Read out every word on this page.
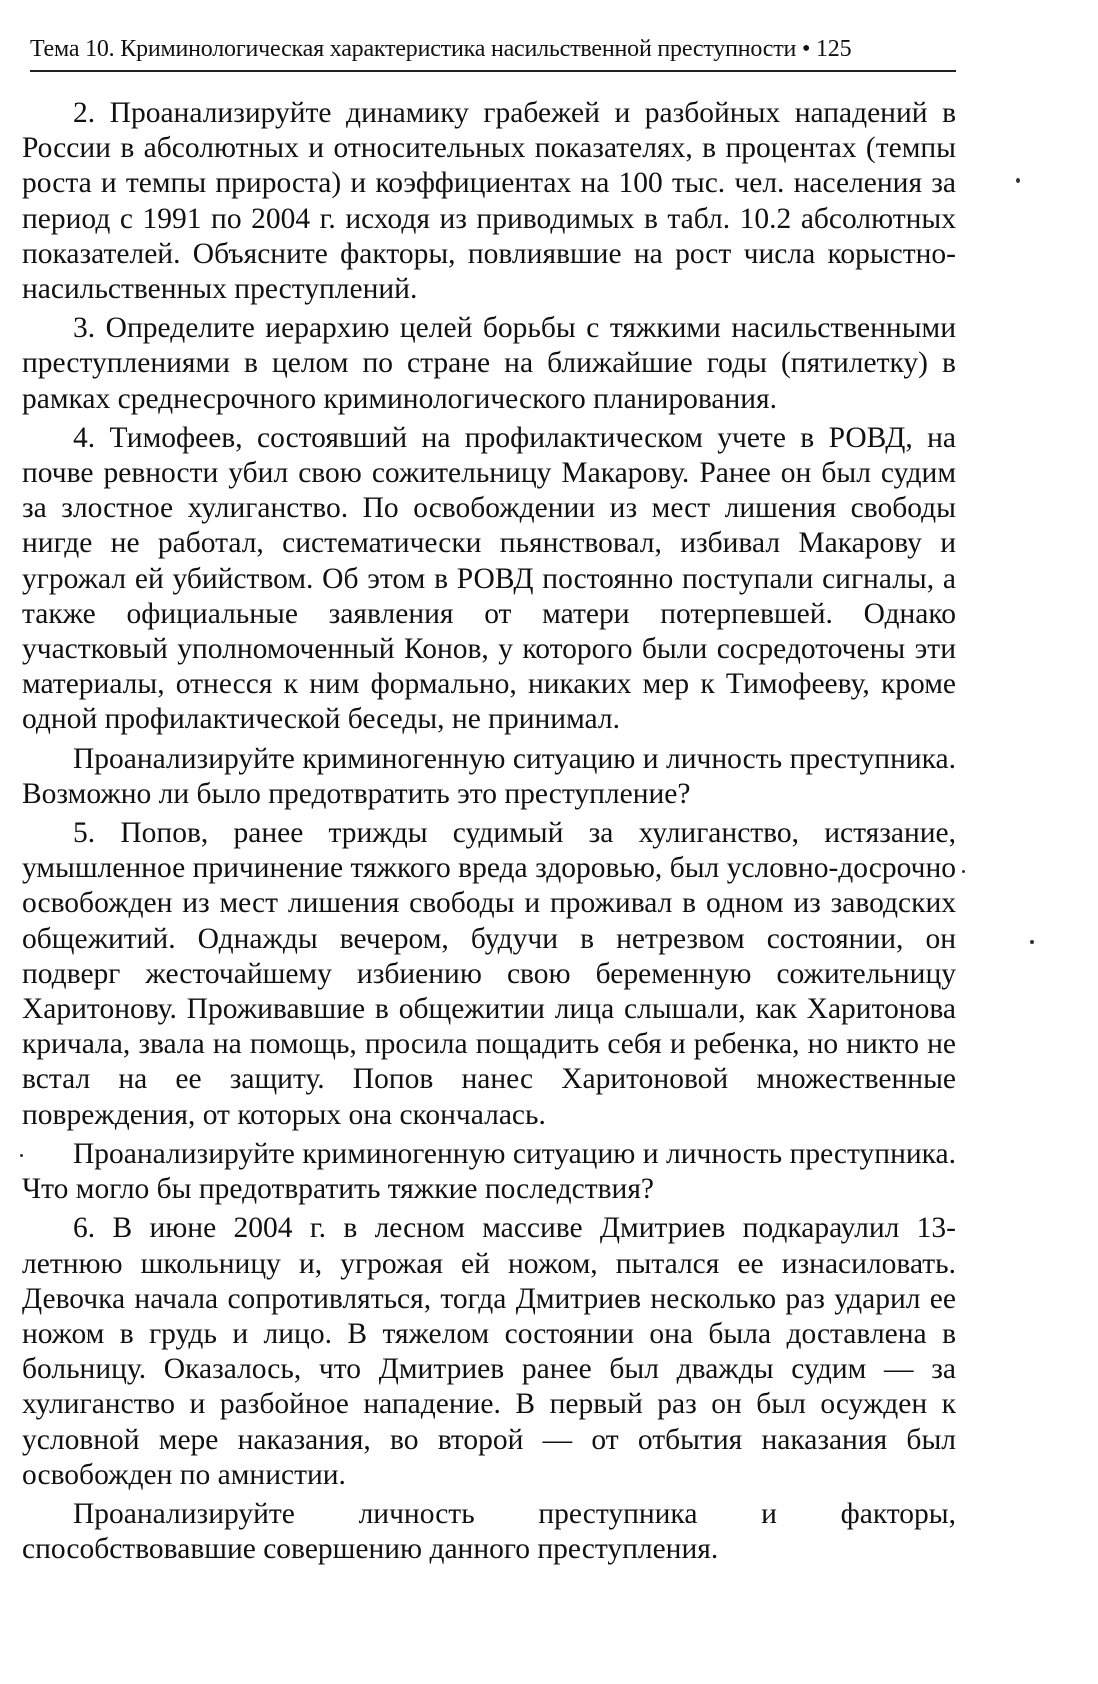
Тема 10. Криминологическая характеристика насильственной преступности • 125

2. Проанализируйте динамику грабежей и разбойных нападений в России в абсолютных и относительных показателях, в процентах (темпы роста и темпы прироста) и коэффициентах на 100 тыс. чел. населения за период с 1991 по 2004 г. исходя из приводимых в табл. 10.2 абсолютных показателей. Объясните факторы, повлиявшие на рост числа корыстно-насильственных преступлений.

3. Определите иерархию целей борьбы с тяжкими насильственными преступлениями в целом по стране на ближайшие годы (пятилетку) в рамках среднесрочного криминологического планирования.

4. Тимофеев, состоявший на профилактическом учете в РОВД, на почве ревности убил свою сожительницу Макарову. Ранее он был судим за злостное хулиганство. По освобождении из мест лишения свободы нигде не работал, систематически пьянствовал, избивал Макарову и угрожал ей убийством. Об этом в РОВД постоянно поступали сигналы, а также официальные заявления от матери потерпевшей. Однако участковый уполномоченный Конов, у которого были сосредоточены эти материалы, отнесся к ним формально, никаких мер к Тимофееву, кроме одной профилактической беседы, не принимал.

Проанализируйте криминогенную ситуацию и личность преступника. Возможно ли было предотвратить это преступление?

5. Попов, ранее трижды судимый за хулиганство, истязание, умышленное причинение тяжкого вреда здоровью, был условно-досрочно освобожден из мест лишения свободы и проживал в одном из заводских общежитий. Однажды вечером, будучи в нетрезвом состоянии, он подверг жесточайшему избиению свою беременную сожительницу Харитонову. Проживавшие в общежитии лица слышали, как Харитонова кричала, звала на помощь, просила пощадить себя и ребенка, но никто не встал на ее защиту. Попов нанес Харитоновой множественные повреждения, от которых она скончалась.

Проанализируйте криминогенную ситуацию и личность преступника. Что могло бы предотвратить тяжкие последствия?

6. В июне 2004 г. в лесном массиве Дмитриев подкараулил 13-летнюю школьницу и, угрожая ей ножом, пытался ее изнасиловать. Девочка начала сопротивляться, тогда Дмитриев несколько раз ударил ее ножом в грудь и лицо. В тяжелом состоянии она была доставлена в больницу. Оказалось, что Дмитриев ранее был дважды судим — за хулиганство и разбойное нападение. В первый раз он был осужден к условной мере наказания, во второй — от отбытия наказания был освобожден по амнистии.

Проанализируйте личность преступника и факторы, способствовавшие совершению данного преступления.
